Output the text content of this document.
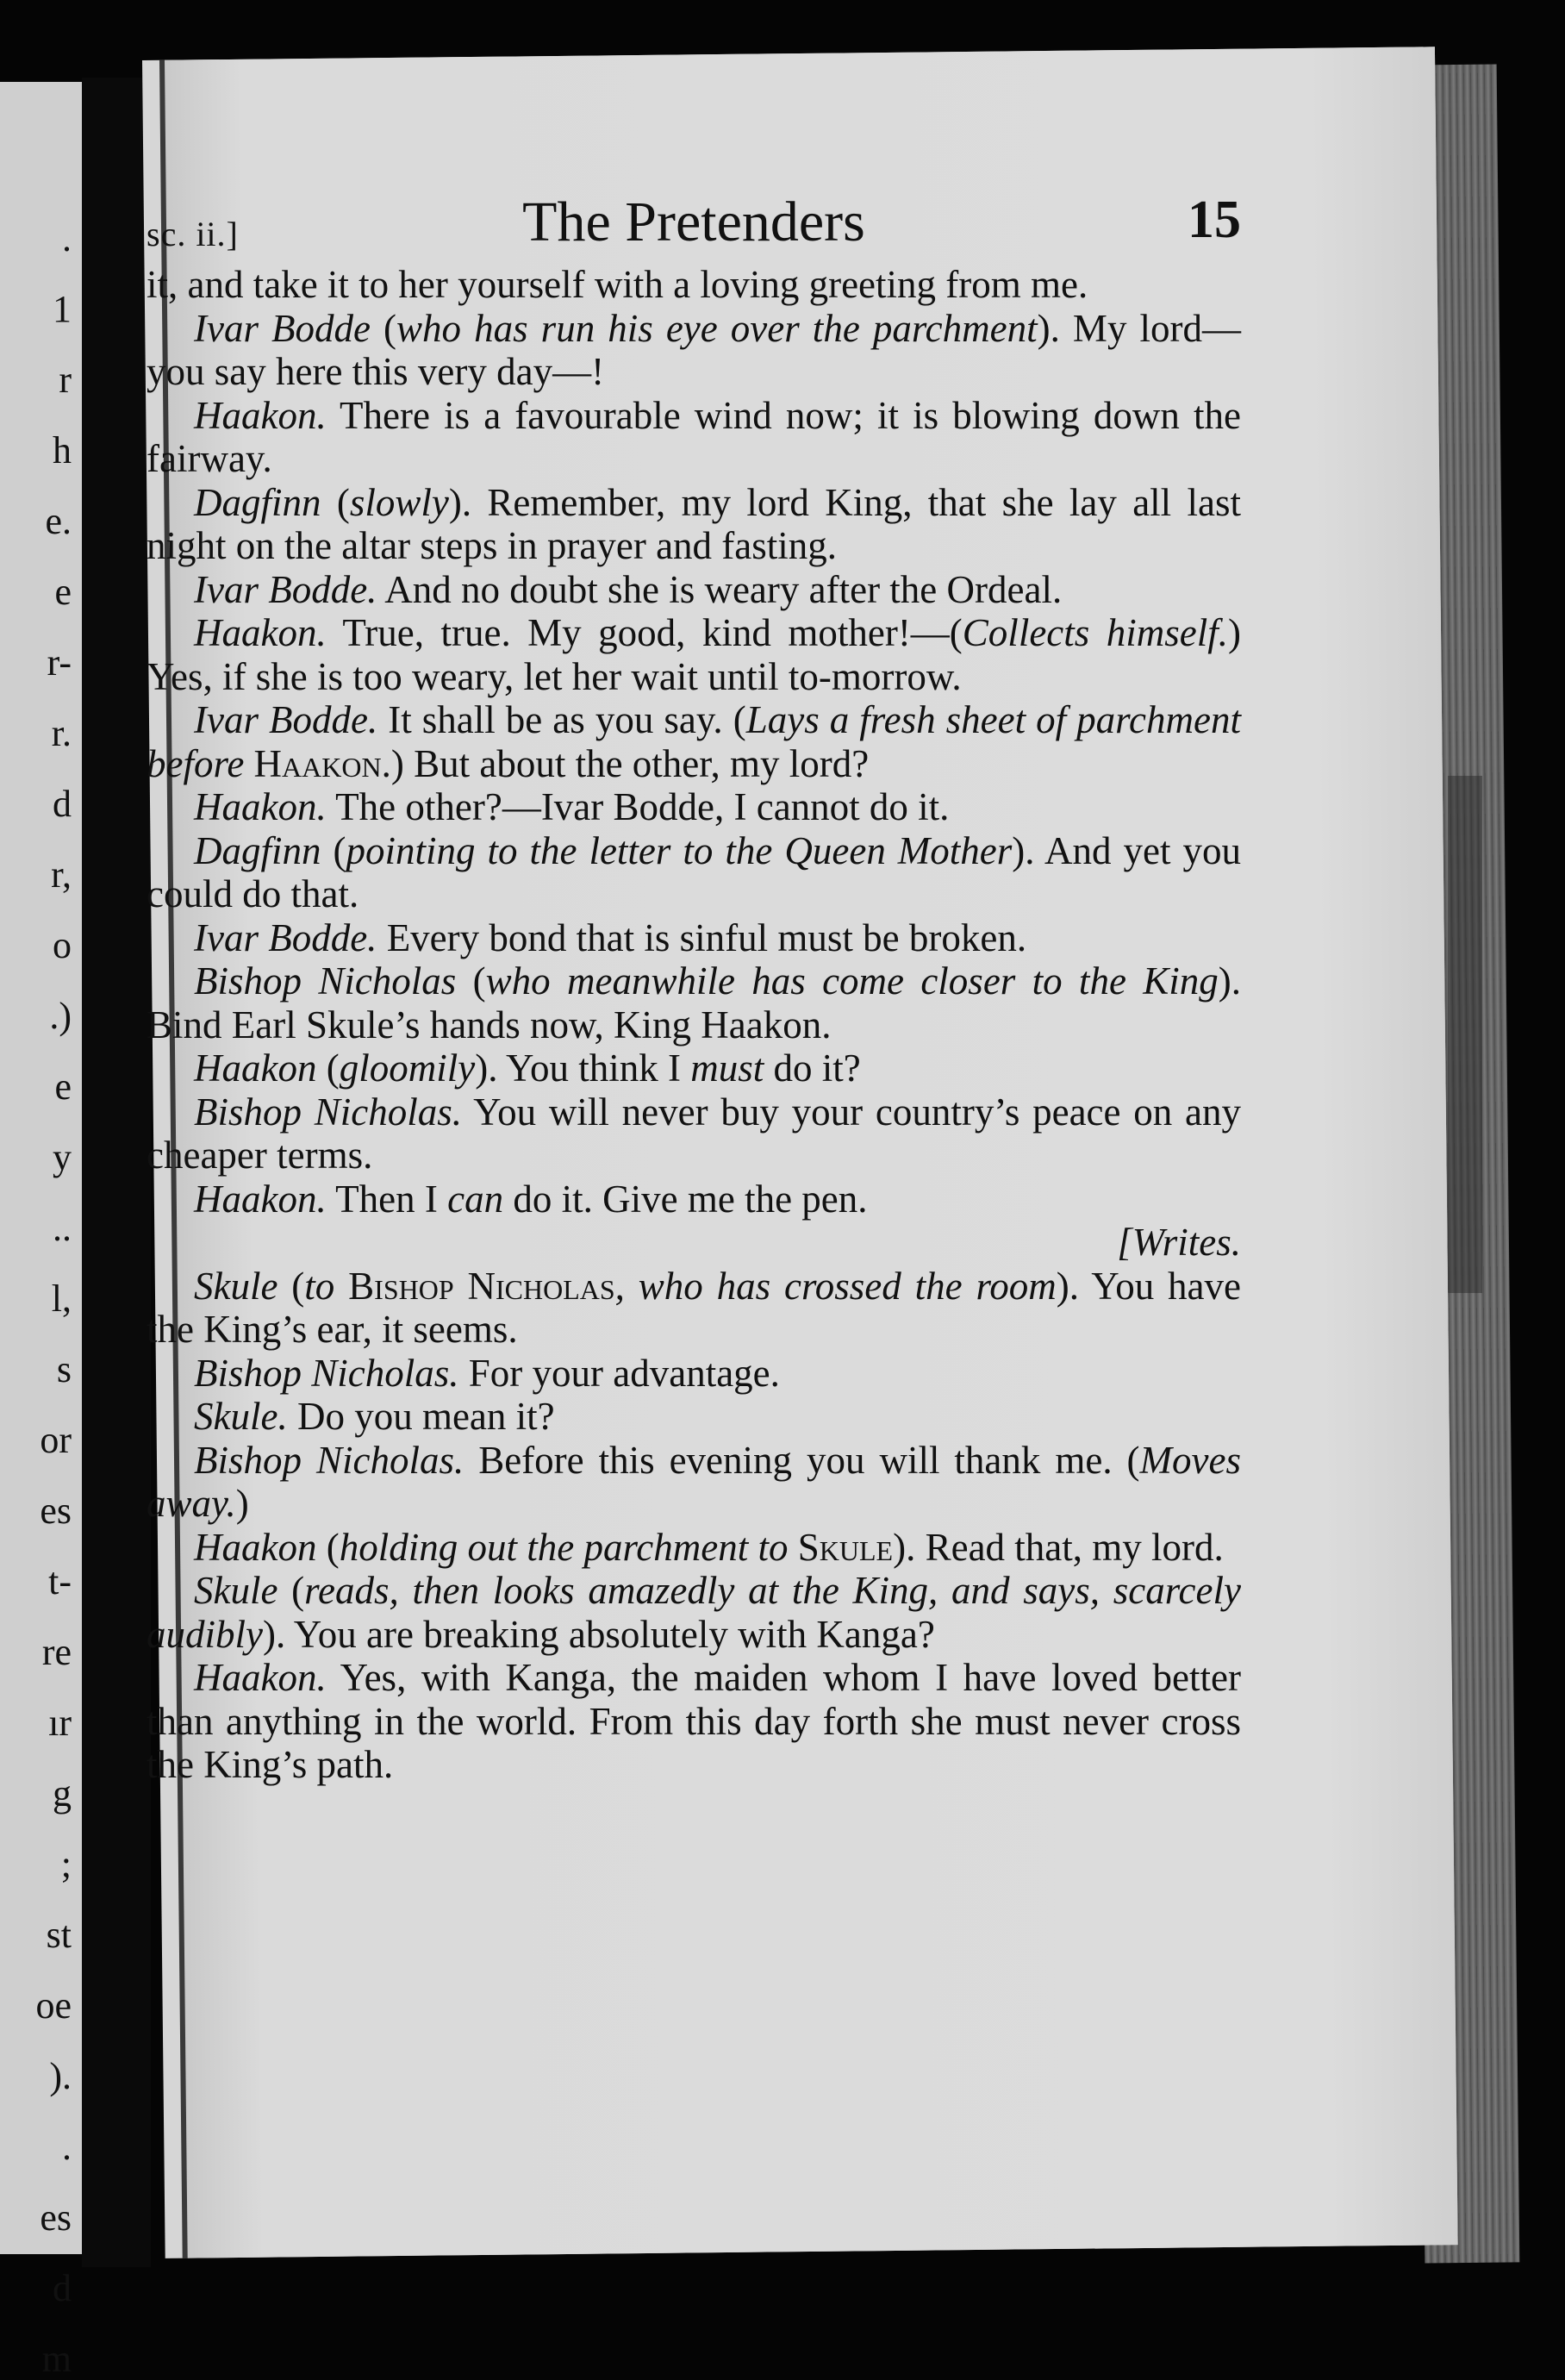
.
1
r
h
e.
e
r-
r.
d
r,
o
.)
e
y
..
l,
s
or
es
t-
re
ır
g
;
st
oe
).
.
es
d
m
sc. ii.]	The Pretenders	15

it, and take it to her yourself with a loving greeting from me.

Ivar Bodde (who has run his eye over the parchment). My lord—you say here this very day—!

Haakon. There is a favourable wind now; it is blowing down the fairway.

Dagfinn (slowly). Remember, my lord King, that she lay all last night on the altar steps in prayer and fasting.

Ivar Bodde. And no doubt she is weary after the Ordeal.

Haakon. True, true. My good, kind mother!—(Collects himself.) Yes, if she is too weary, let her wait until to-morrow.

Ivar Bodde. It shall be as you say. (Lays a fresh sheet of parchment before Haakon.) But about the other, my lord?

Haakon. The other?—Ivar Bodde, I cannot do it.

Dagfinn (pointing to the letter to the Queen Mother). And yet you could do that.

Ivar Bodde. Every bond that is sinful must be broken.

Bishop Nicholas (who meanwhile has come closer to the King). Bind Earl Skule’s hands now, King Haakon.

Haakon (gloomily). You think I must do it?

Bishop Nicholas. You will never buy your country’s peace on any cheaper terms.

Haakon. Then I can do it. Give me the pen.

[Writes.

Skule (to Bishop Nicholas, who has crossed the room). You have the King’s ear, it seems.

Bishop Nicholas. For your advantage.

Skule. Do you mean it?

Bishop Nicholas. Before this evening you will thank me. (Moves away.)

Haakon (holding out the parchment to Skule). Read that, my lord.

Skule (reads, then looks amazedly at the King, and says, scarcely audibly). You are breaking absolutely with Kanga?

Haakon. Yes, with Kanga, the maiden whom I have loved better than anything in the world. From this day forth she must never cross the King’s path.
